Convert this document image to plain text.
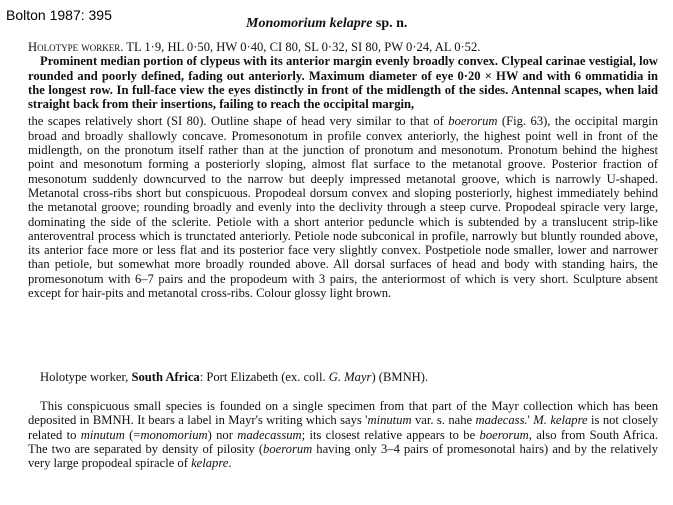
Bolton 1987: 395
Monomorium kelapre sp. n.
Holotype worker. TL 1·9, HL 0·50, HW 0·40, CI 80, SL 0·32, SI 80, PW 0·24, AL 0·52.
Prominent median portion of clypeus with its anterior margin evenly broadly convex. Clypeal carinae vestigial, low rounded and poorly defined, fading out anteriorly. Maximum diameter of eye 0·20 × HW and with 6 ommatidia in the longest row. In full-face view the eyes distinctly in front of the midlength of the sides. Antennal scapes, when laid straight back from their insertions, failing to reach the occipital margin,
the scapes relatively short (SI 80). Outline shape of head very similar to that of boerorum (Fig. 63), the occipital margin broad and broadly shallowly concave. Promesonotum in profile convex anteriorly, the highest point well in front of the midlength, on the pronotum itself rather than at the junction of pronotum and mesonotum. Pronotum behind the highest point and mesonotum forming a posteriorly sloping, almost flat surface to the metanotal groove. Posterior fraction of mesonotum suddenly downcurved to the narrow but deeply impressed metanotal groove, which is narrowly U-shaped. Metanotal cross-ribs short but conspicuous. Propodeal dorsum convex and sloping posteriorly, highest immediately behind the metanotal groove; rounding broadly and evenly into the declivity through a steep curve. Propodeal spiracle very large, dominating the side of the sclerite. Petiole with a short anterior peduncle which is subtended by a translucent strip-like anteroventral process which is trunctated anteriorly. Petiole node subconical in profile, narrowly but bluntly rounded above, its anterior face more or less flat and its posterior face very slightly convex. Postpetiole node smaller, lower and narrower than petiole, but somewhat more broadly rounded above. All dorsal surfaces of head and body with standing hairs, the promesonotum with 6–7 pairs and the propodeum with 3 pairs, the anteriormost of which is very short. Sculpture absent except for hair-pits and metanotal cross-ribs. Colour glossy light brown.
Holotype worker, South Africa: Port Elizabeth (ex. coll. G. Mayr) (BMNH).
This conspicuous small species is founded on a single specimen from that part of the Mayr collection which has been deposited in BMNH. It bears a label in Mayr's writing which says 'minutum var. s. nahe madecass.' M. kelapre is not closely related to minutum (=monomorium) nor madecassum; its closest relative appears to be boerorum, also from South Africa. The two are separated by density of pilosity (boerorum having only 3–4 pairs of promesonotal hairs) and by the relatively very large propodeal spiracle of kelapre.
